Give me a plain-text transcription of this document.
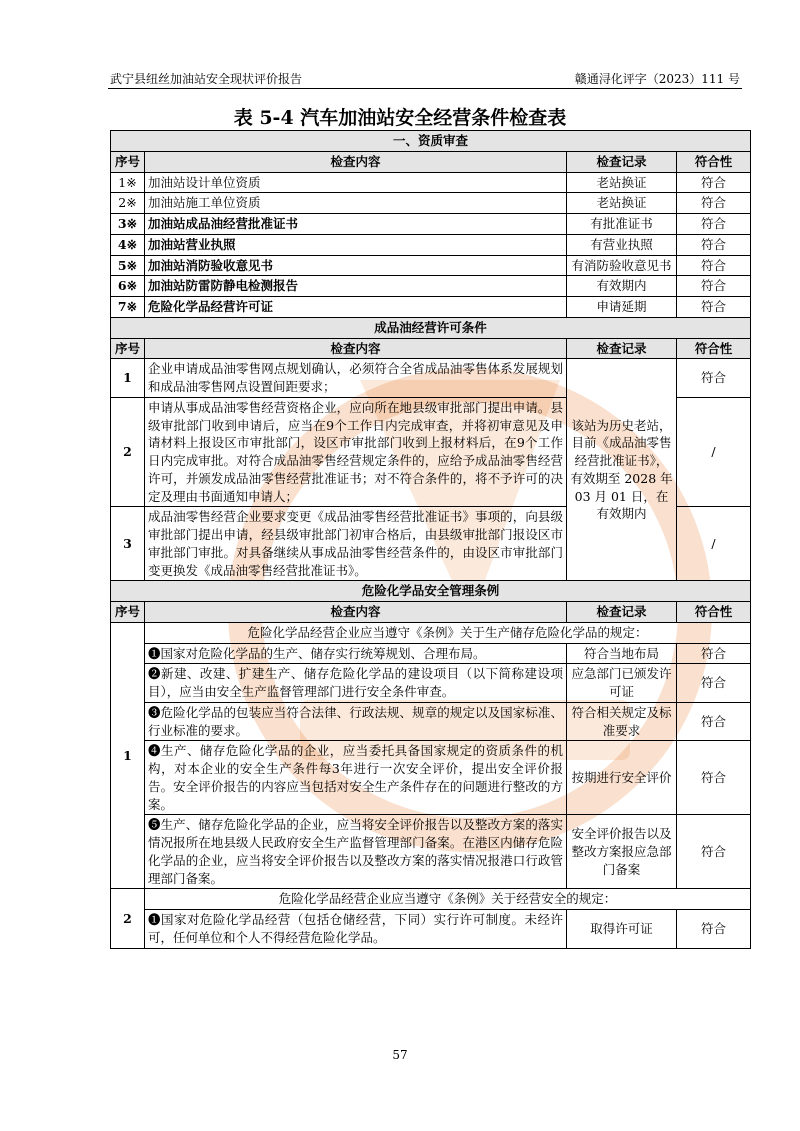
武宁县纽丝加油站安全现状评价报告	赣通浔化评字（2023）111 号
表 5-4 汽车加油站安全经营条件检查表
一、资质审查			
序号	检查内容	检查记录	符合性
1※	加油站设计单位资质	老站换证	符合
2※	加油站施工单位资质	老站换证	符合
3※	加油站成品油经营批准证书	有批准证书	符合
4※	加油站营业执照	有营业执照	符合
5※	加油站消防验收意见书	有消防验收意见书	符合
6※	加油站防雷防静电检测报告	有效期内	符合
7※	危险化学品经营许可证	申请延期	符合
成品油经营许可条件			
序号	检查内容	检查记录	符合性
1	企业申请成品油零售网点规划确认，必须符合全省成品油零售体系发展规划和成品油零售网点设置间距要求；	该站为历史老站，目前《成品油零售经营批准证书》，有效期至 2028 年 03 月 01 日，在有效期内	符合
2	申请从事成品油零售经营资格企业，应向所在地县级审批部门提出申请。县级审批部门收到申请后，应当在9个工作日内完成审查，并将初审意见及申请材料上报设区市审批部门，设区市审批部门收到上报材料后，在9个工作日内完成审批。对符合成品油零售经营规定条件的，应给予成品油零售经营许可，并颁发成品油零售经营批准证书；对不符合条件的，将不予许可的决定及理由书面通知申请人；		/
3	成品油零售经营企业要求变更《成品油零售经营批准证书》事项的，向县级审批部门提出申请，经县级审批部门初审合格后，由县级审批部门报设区市审批部门审批。对具备继续从事成品油零售经营条件的，由设区市审批部门变更换发《成品油零售经营批准证书》。		/
危险化学品安全管理条例			
序号	检查内容	检查记录	符合性
1	危险化学品经营企业应当遵守《条例》关于生产储存危险化学品的规定：		
	❶国家对危险化学品的生产、储存实行统筹规划、合理布局。	符合当地布局	符合
	❷新建、改建、扩建生产、储存危险化学品的建设项目（以下简称建设项目），应当由安全生产监督管理部门进行安全条件审查。	应急部门已颁发许可证	符合
	❸危险化学品的包装应当符合法律、行政法规、规章的规定以及国家标准、行业标准的要求。	符合相关规定及标准要求	符合
	❹生产、储存危险化学品的企业，应当委托具备国家规定的资质条件的机构，对本企业的安全生产条件每3年进行一次安全评价，提出安全评价报告。安全评价报告的内容应当包括对安全生产条件存在的问题进行整改的方案。	按期进行安全评价	符合
	❺生产、储存危险化学品的企业，应当将安全评价报告以及整改方案的落实情况报所在地县级人民政府安全生产监督管理部门备案。在港区内储存危险化学品的企业，应当将安全评价报告以及整改方案的落实情况报港口行政管理部门备案。	安全评价报告以及整改方案报应急部门备案	符合
2	危险化学品经营企业应当遵守《条例》关于经营安全的规定：		
	❶国家对危险化学品经营（包括仓储经营，下同）实行许可制度。未经许可，任何单位和个人不得经营危险化学品。	取得许可证	符合
57
